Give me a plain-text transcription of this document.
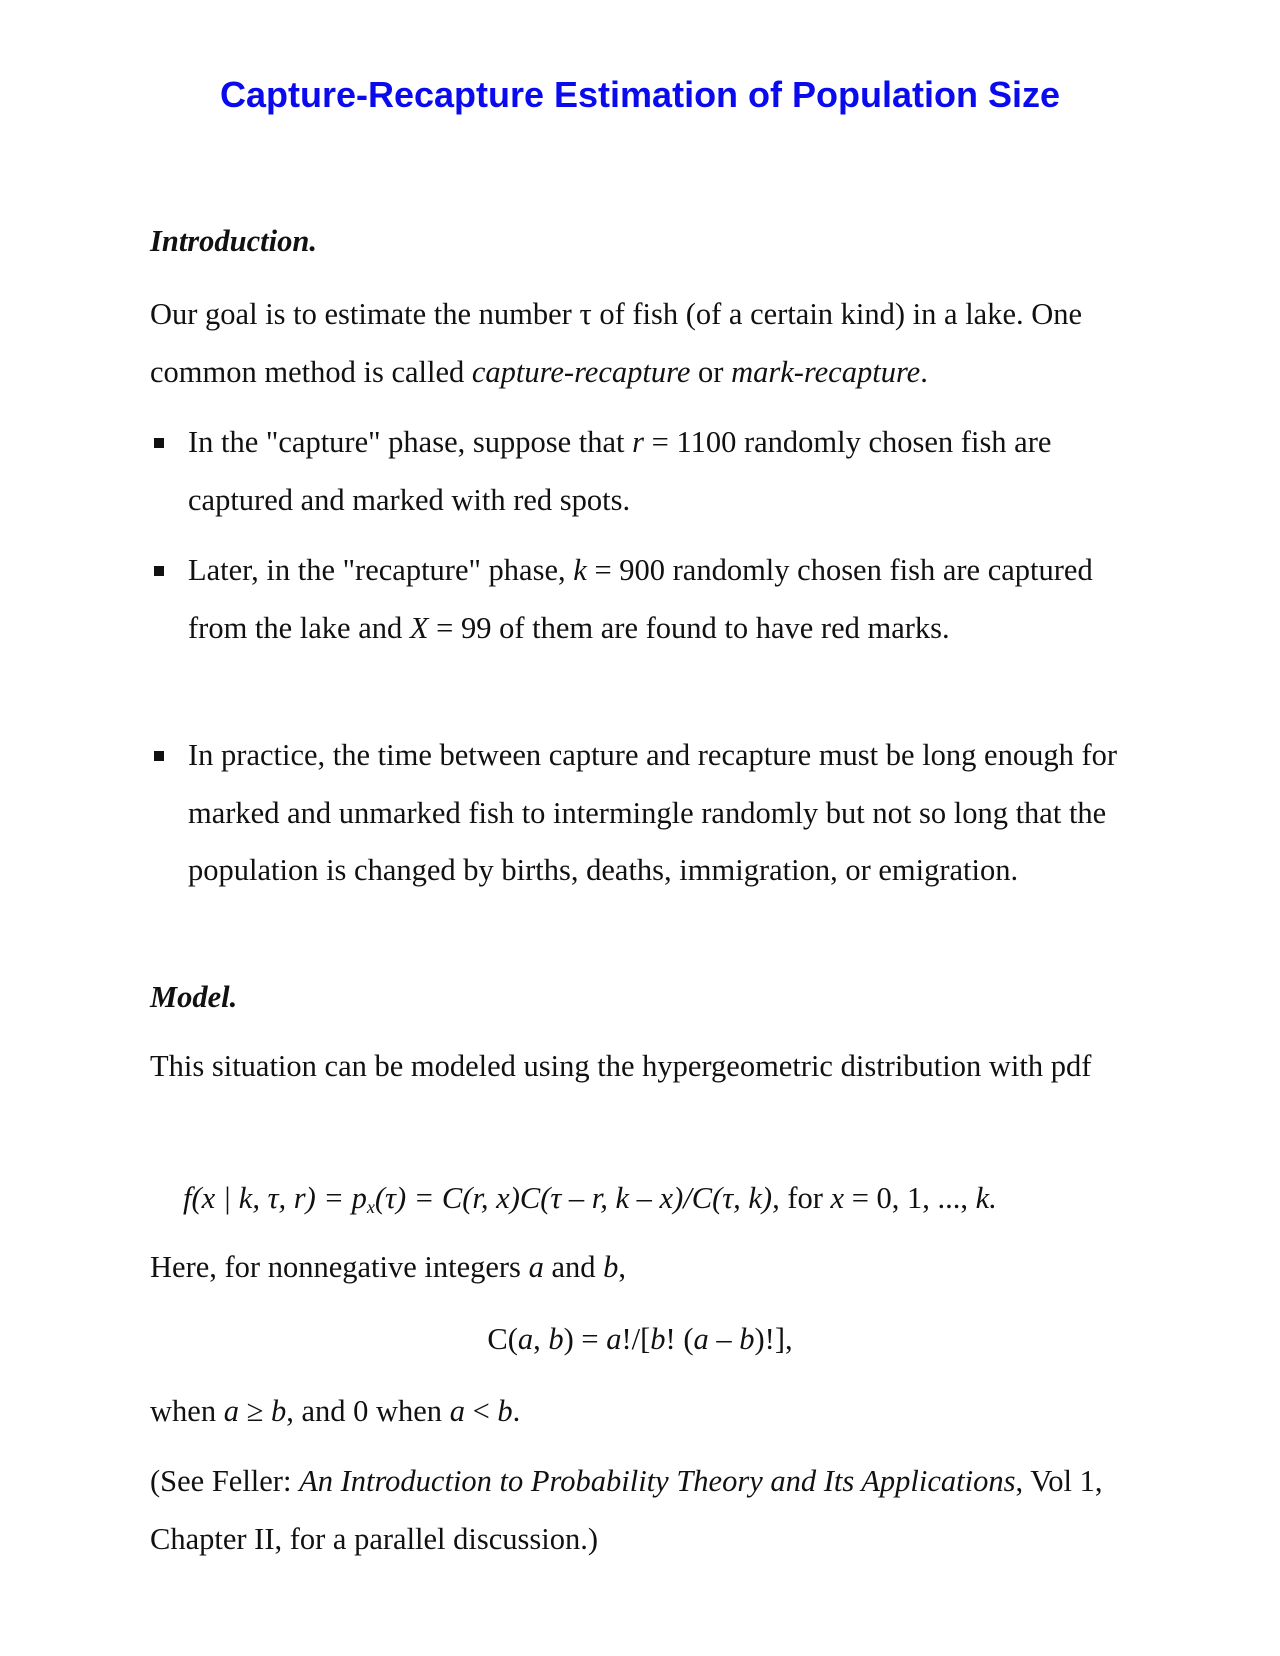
Capture-Recapture Estimation of Population Size
Introduction.
Our goal is to estimate the number τ of fish (of a certain kind) in a lake. One common method is called capture-recapture or mark-recapture.
In the "capture" phase, suppose that r = 1100 randomly chosen fish are captured and marked with red spots.
Later, in the "recapture" phase, k = 900 randomly chosen fish are captured from the lake and X = 99 of them are found to have red marks.
In practice, the time between capture and recapture must be long enough for marked and unmarked fish to intermingle randomly but not so long that the population is changed by births, deaths, immigration, or emigration.
Model.
This situation can be modeled using the hypergeometric distribution with pdf
f(x | k, τ, $r) = p_x(\tau) = C(r$, x)C(τ – r, k – x)/C(τ, k), for x = 0, 1, ..., k.
Here, for nonnegative integers a and b,
C(a, b) = a!/[b! (a – b)!],
when a ≥ b, and 0 when a < b.
(See Feller: An Introduction to Probability Theory and Its Applications, Vol 1, Chapter II, for a parallel discussion.)
